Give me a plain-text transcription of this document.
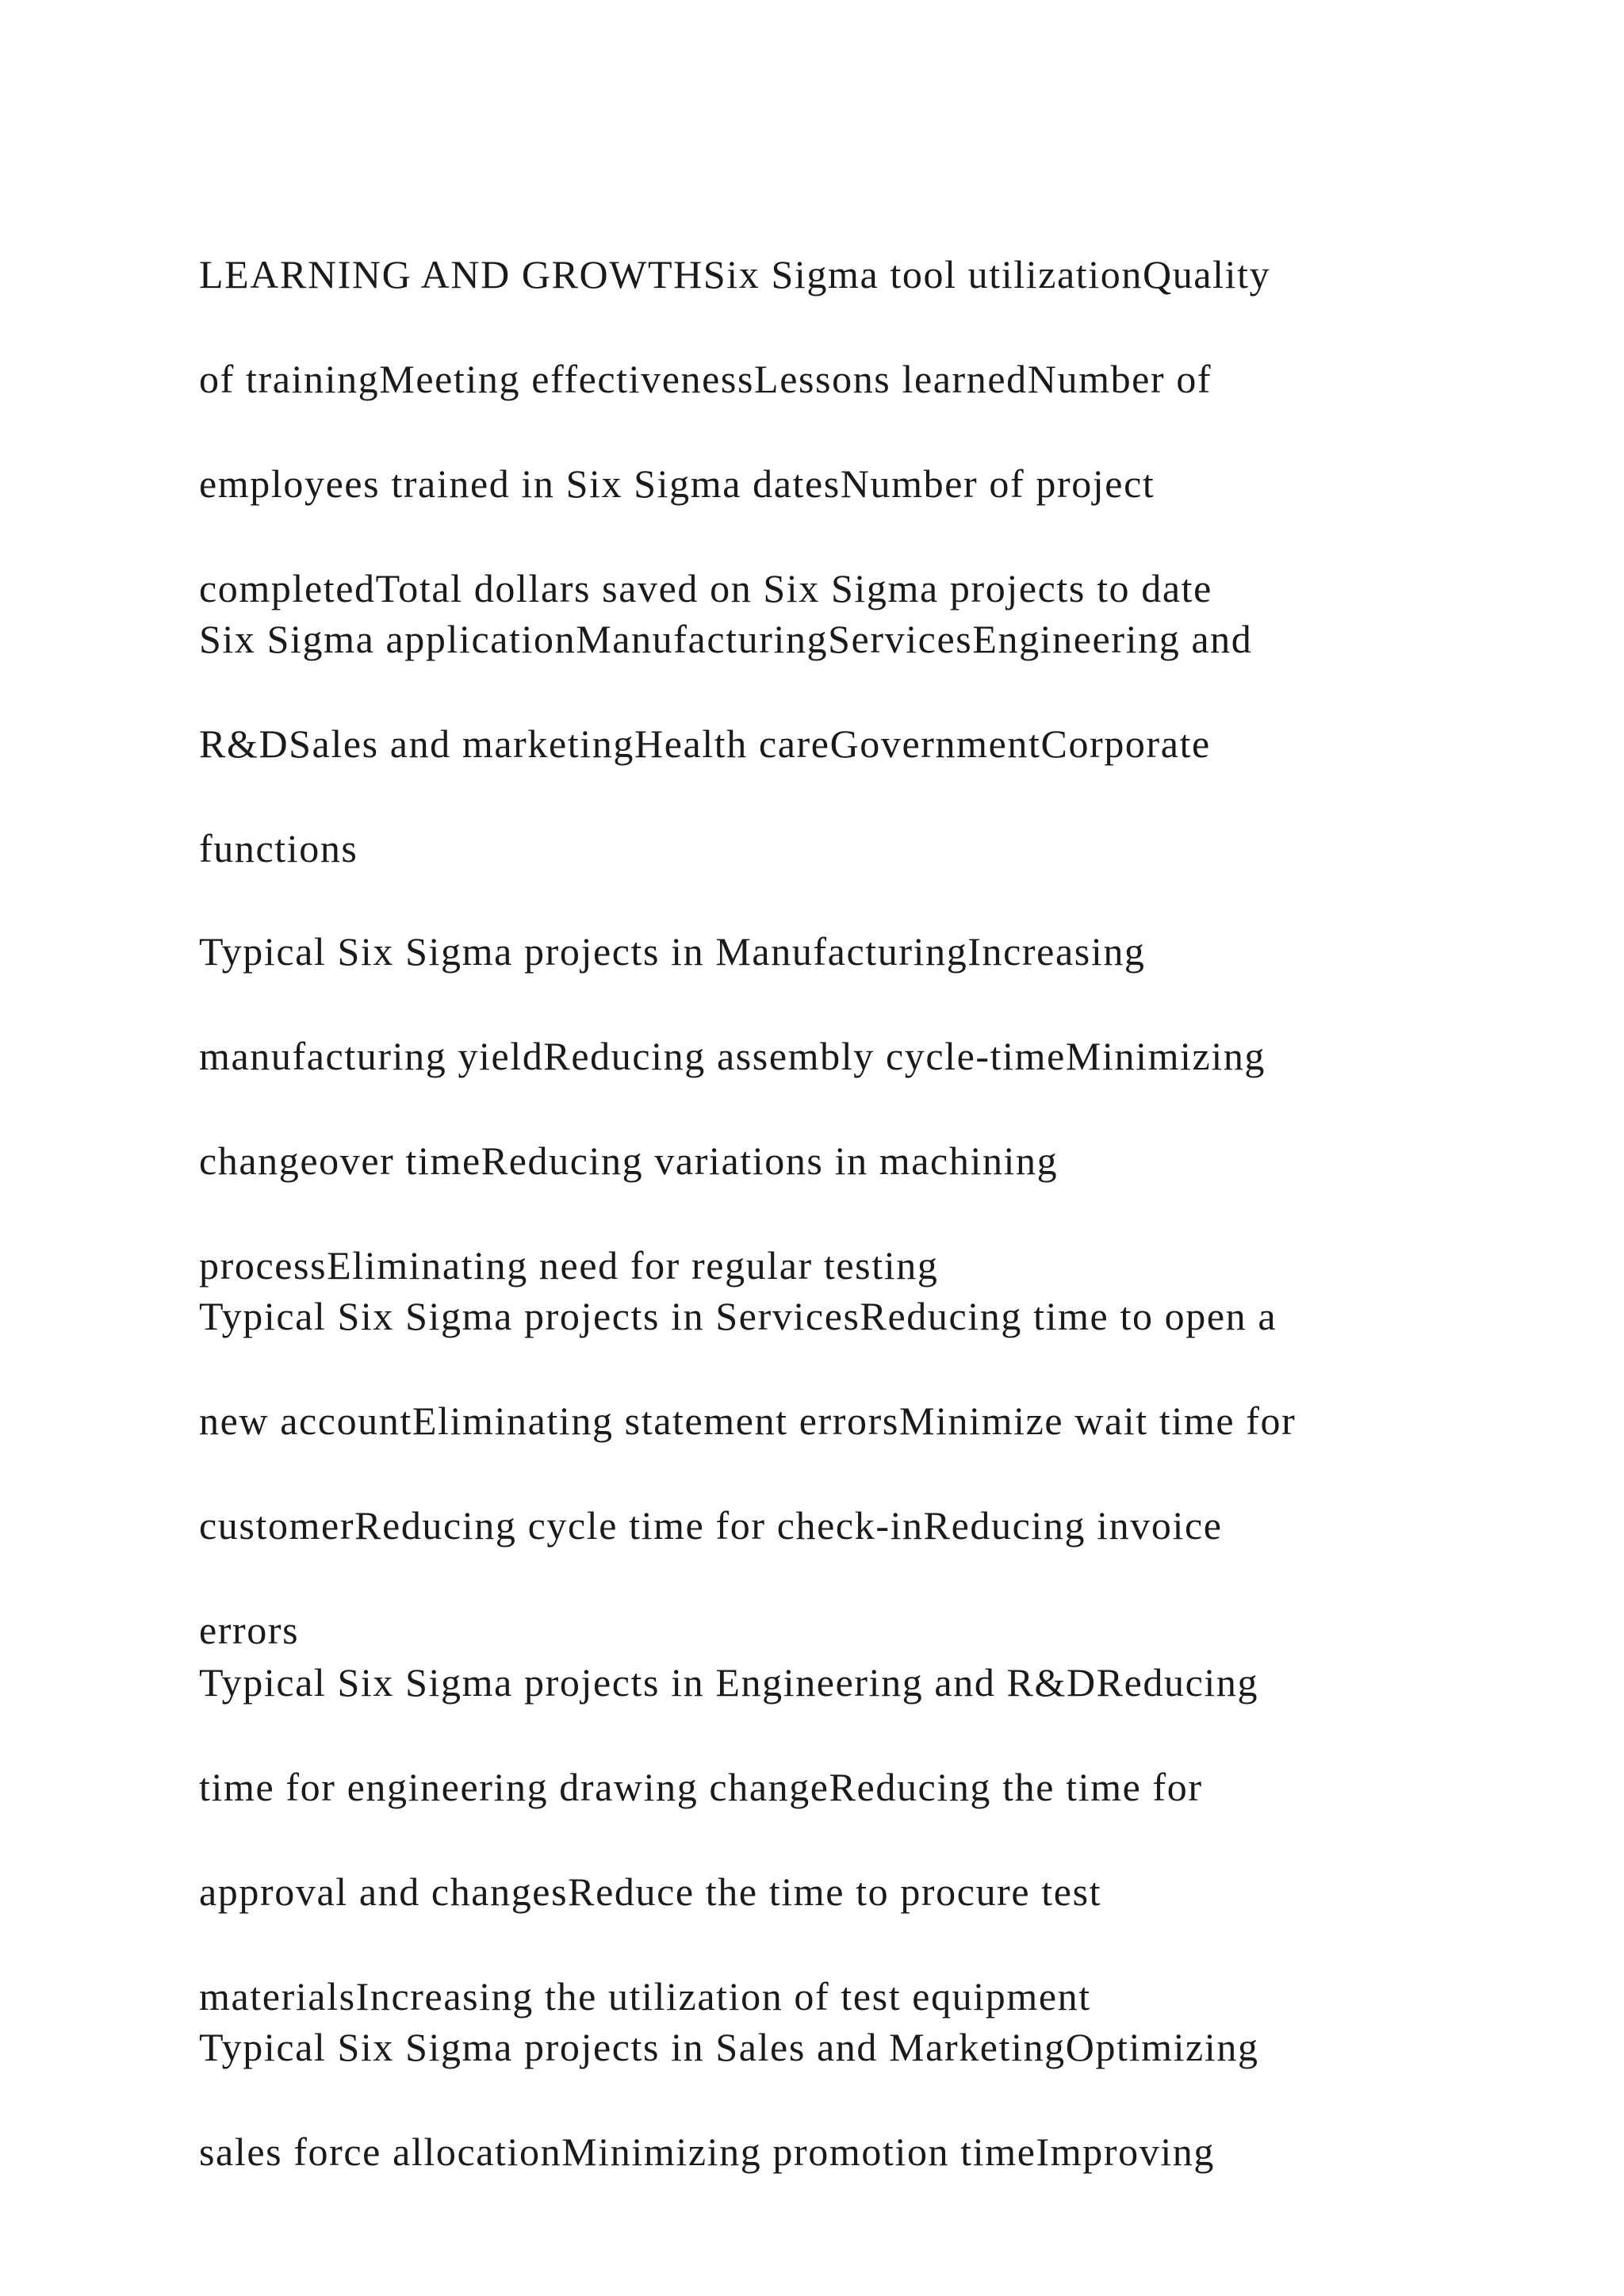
LEARNING AND GROWTHSix Sigma tool utilizationQuality

of trainingMeeting effectivenessLessons learnedNumber of

employees trained in Six Sigma datesNumber of project

completedTotal dollars saved on Six Sigma projects to date

Six Sigma applicationManufacturingServicesEngineering and

R&DSales and marketingHealth careGovernmentCorporate

functions

Typical Six Sigma projects in ManufacturingIncreasing

manufacturing yieldReducing assembly cycle-timeMinimizing

changeover timeReducing variations in machining

processEliminating need for regular testing

Typical Six Sigma projects in ServicesReducing time to open a

new accountEliminating statement errorsMinimize wait time for

customerReducing cycle time for check-inReducing invoice

errors

Typical Six Sigma projects in Engineering and R&DReducing

time for engineering drawing changeReducing the time for

approval and changesReduce the time to procure test

materialsIncreasing the utilization of test equipment

Typical Six Sigma projects in Sales and MarketingOptimizing

sales force allocationMinimizing promotion timeImproving
